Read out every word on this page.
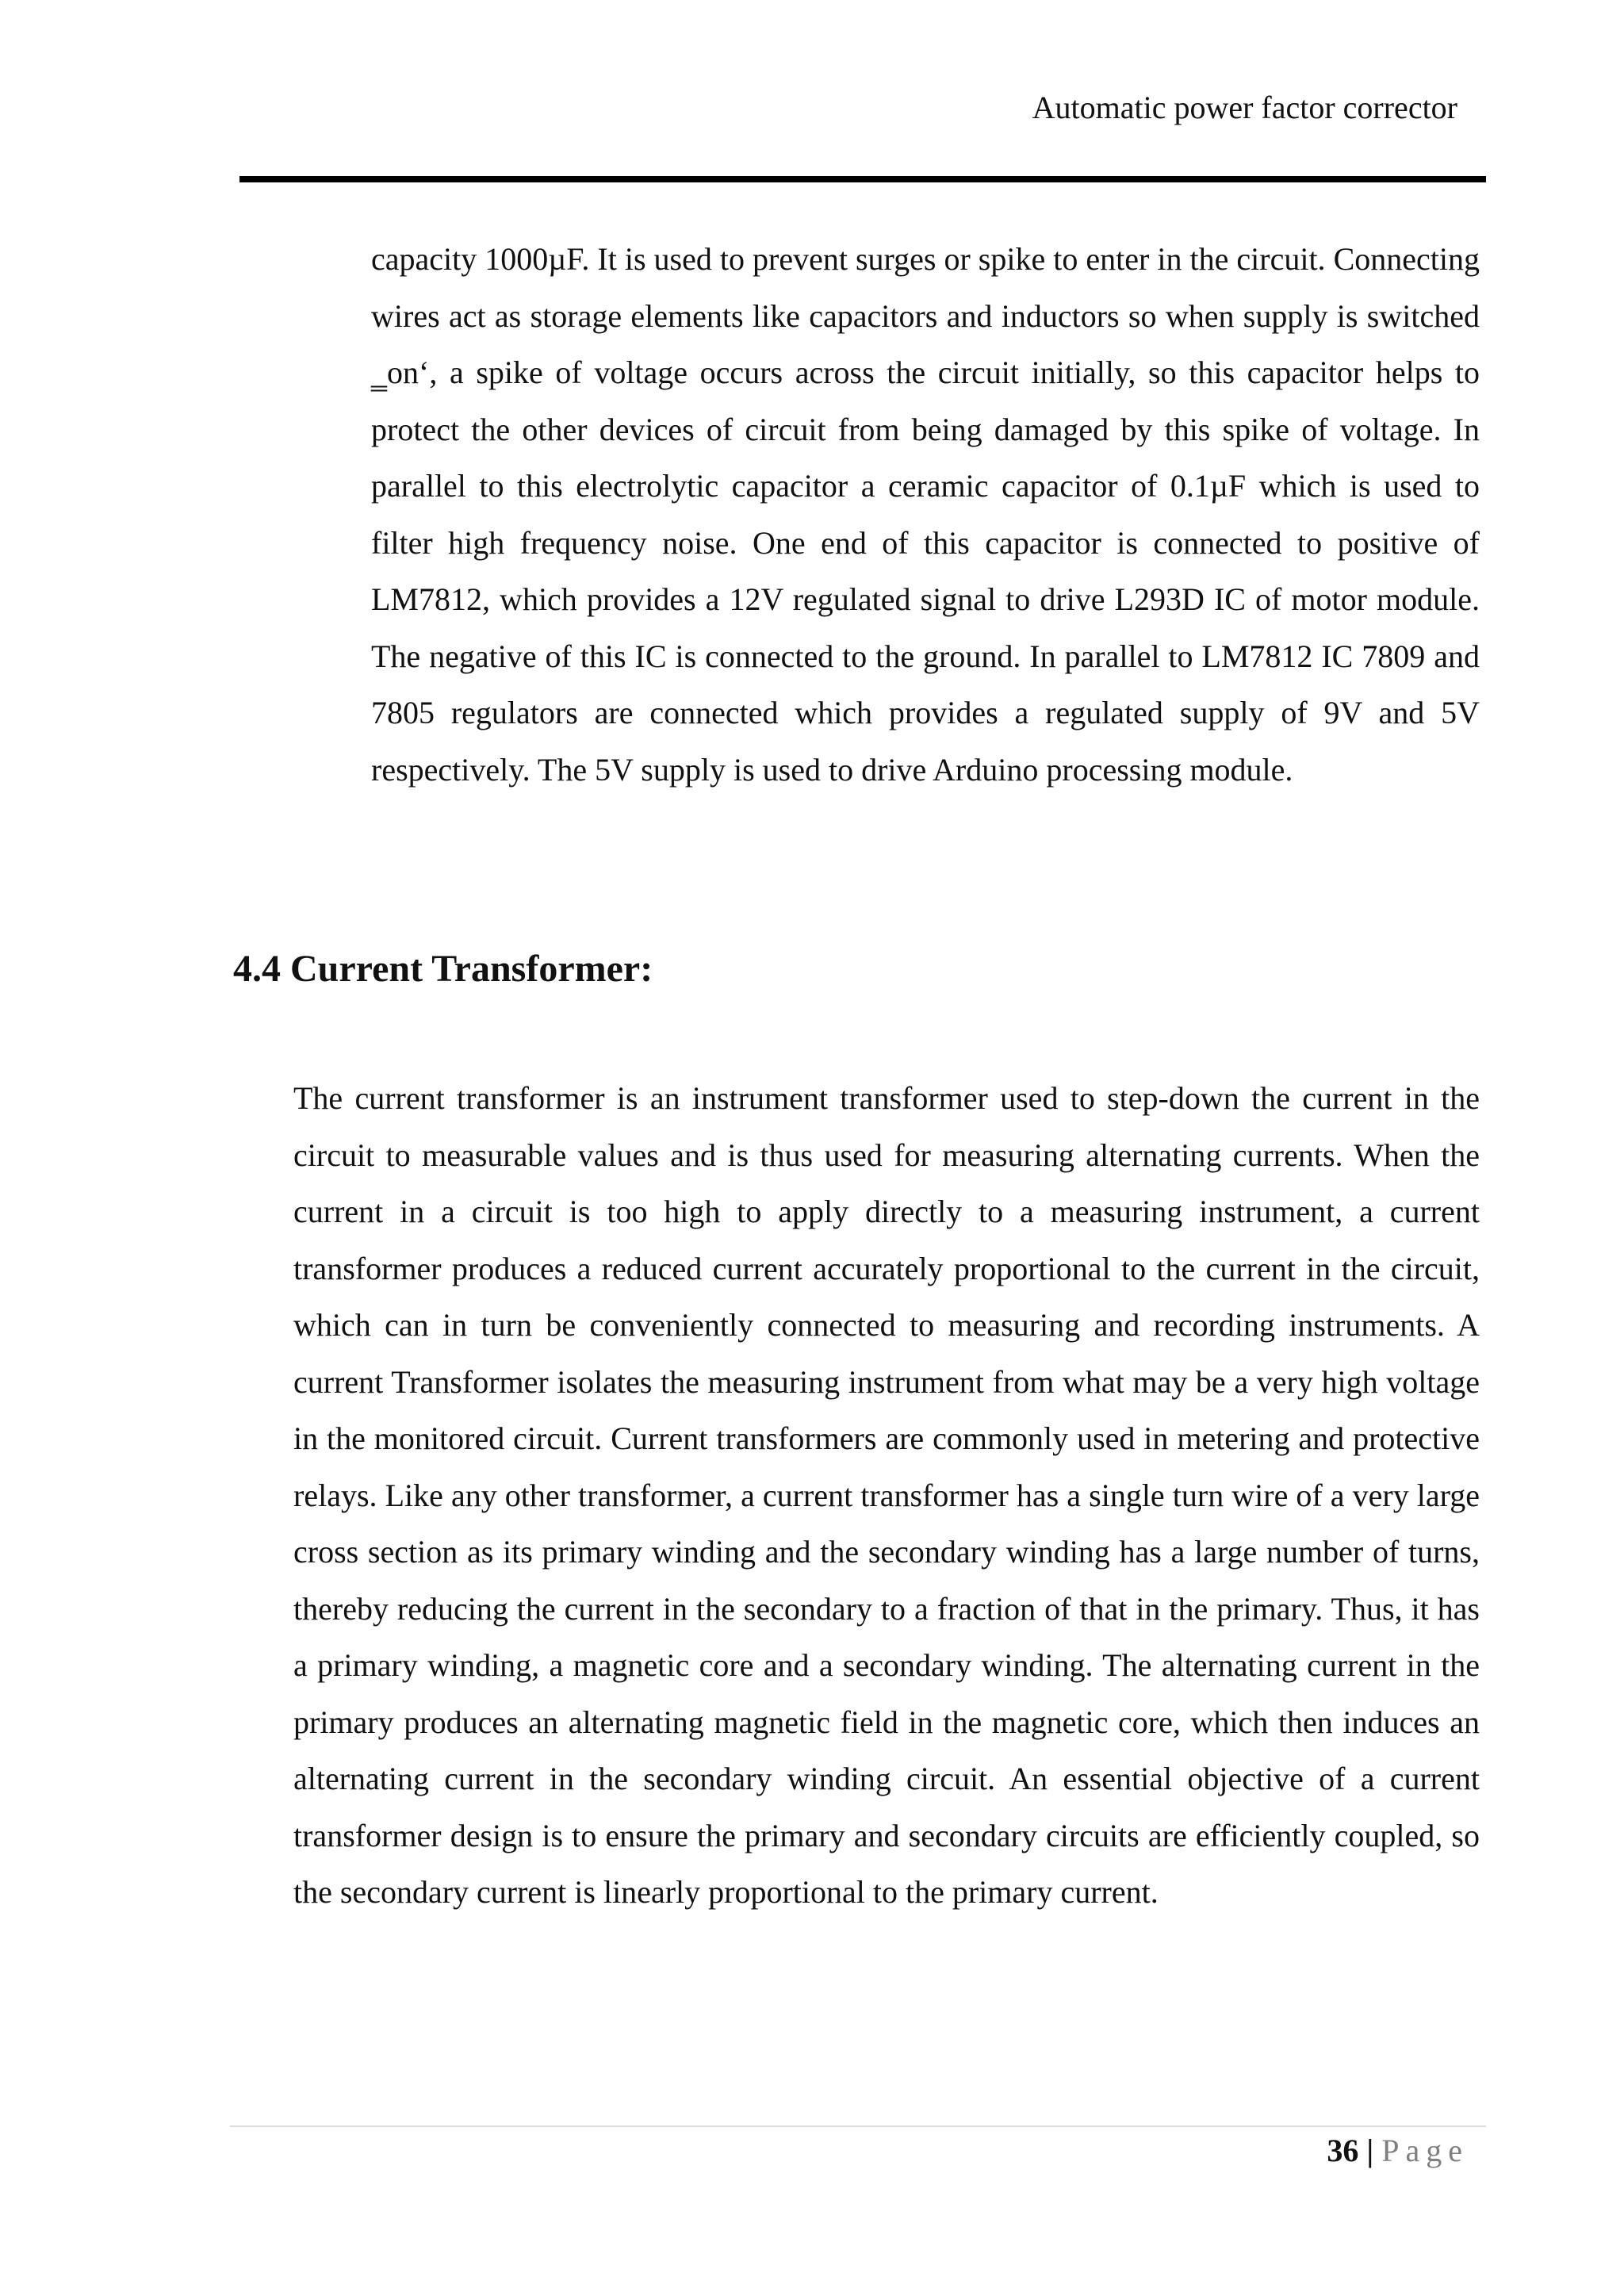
Automatic power factor corrector

capacity 1000µF. It is used to prevent surges or spike to enter in the circuit. Connecting wires act as storage elements like capacitors and inductors so when supply is switched ‗on‘, a spike of voltage occurs across the circuit initially, so this capacitor helps to protect the other devices of circuit from being damaged by this spike of voltage. In parallel to this electrolytic capacitor a ceramic capacitor of 0.1µF which is used to filter high frequency noise. One end of this capacitor is connected to positive of LM7812, which provides a 12V regulated signal to drive L293D IC of motor module. The negative of this IC is connected to the ground. In parallel to LM7812 IC 7809 and 7805 regulators are connected which provides a regulated supply of 9V and 5V respectively. The 5V supply is used to drive Arduino processing module.

4.4 Current Transformer:

The current transformer is an instrument transformer used to step-down the current in the circuit to measurable values and is thus used for measuring alternating currents. When the current in a circuit is too high to apply directly to a measuring instrument, a current transformer produces a reduced current accurately proportional to the current in the circuit, which can in turn be conveniently connected to measuring and recording instruments. A current Transformer isolates the measuring instrument from what may be a very high voltage in the monitored circuit. Current transformers are commonly used in metering and protective relays. Like any other transformer, a current transformer has a single turn wire of a very large cross section as its primary winding and the secondary winding has a large number of turns, thereby reducing the current in the secondary to a fraction of that in the primary. Thus, it has a primary winding, a magnetic core and a secondary winding. The alternating current in the primary produces an alternating magnetic field in the magnetic core, which then induces an alternating current in the secondary winding circuit. An essential objective of a current transformer design is to ensure the primary and secondary circuits are efficiently coupled, so the secondary current is linearly proportional to the primary current.

36 | Page
